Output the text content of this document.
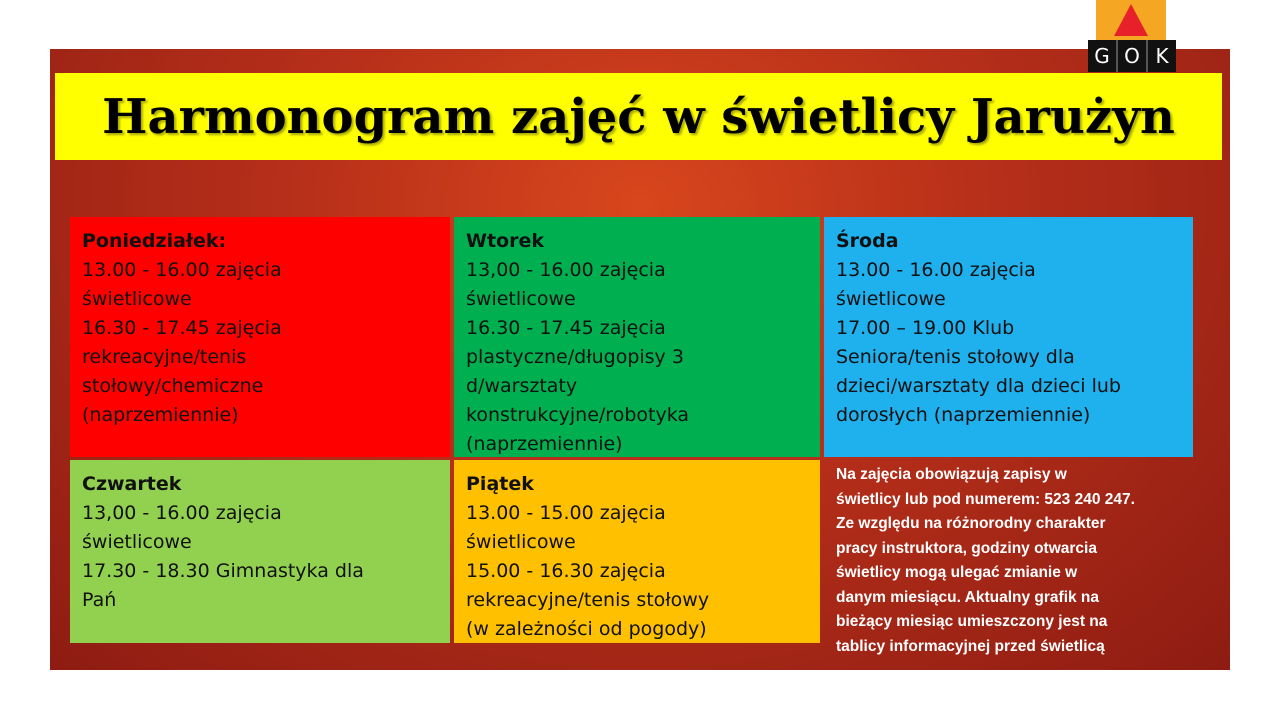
G O K
Harmonogram zajęć w świetlicy Jarużyn
Poniedziałek:
13.00 - 16.00 zajęcia
świetlicowe
16.30 - 17.45 zajęcia
rekreacyjne/tenis
stołowy/chemiczne
(naprzemiennie)
Wtorek
13,00 - 16.00 zajęcia
świetlicowe
16.30 - 17.45 zajęcia
plastyczne/długopisy 3
d/warsztaty
konstrukcyjne/robotyka
(naprzemiennie)
Środa
13.00 - 16.00 zajęcia
świetlicowe
17.00 – 19.00 Klub
Seniora/tenis stołowy dla
dzieci/warsztaty dla dzieci lub
dorosłych (naprzemiennie)
Czwartek
13,00 - 16.00 zajęcia
świetlicowe
17.30 - 18.30 Gimnastyka dla
Pań
Piątek
13.00 - 15.00 zajęcia
świetlicowe
15.00 - 16.30 zajęcia
rekreacyjne/tenis stołowy
(w zależności od pogody)
Na zajęcia obowiązują zapisy w
świetlicy lub pod numerem: 523 240 247.
Ze względu na różnorodny charakter
pracy instruktora, godziny otwarcia
świetlicy mogą ulegać zmianie w
danym miesiącu. Aktualny grafik na
bieżący miesiąc umieszczony jest na
tablicy informacyjnej przed świetlicą
